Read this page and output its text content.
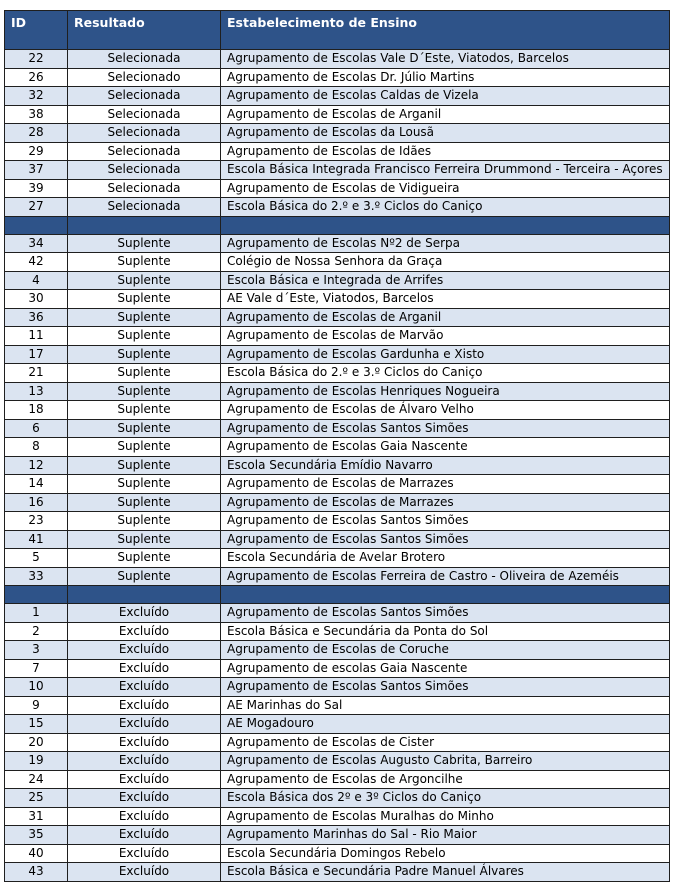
ID	Resultado	Estabelecimento de Ensino
22	Selecionada	Agrupamento de Escolas Vale D´Este, Viatodos, Barcelos
26	Selecionado	Agrupamento de Escolas Dr. Júlio Martins
32	Selecionada	Agrupamento de Escolas Caldas de Vizela
38	Selecionada	Agrupamento de Escolas de Arganil
28	Selecionada	Agrupamento de Escolas da Lousã
29	Selecionada	Agrupamento de Escolas de Idães
37	Selecionada	Escola Básica Integrada Francisco Ferreira Drummond - Terceira - Açores
39	Selecionada	Agrupamento de Escolas de Vidigueira
27	Selecionada	Escola Básica do 2.º e 3.º Ciclos do Caniço

34	Suplente	Agrupamento de Escolas Nº2 de Serpa
42	Suplente	Colégio de Nossa Senhora da Graça
4	Suplente	Escola Básica e Integrada de Arrifes
30	Suplente	AE Vale d´Este, Viatodos, Barcelos
36	Suplente	Agrupamento de Escolas de Arganil
11	Suplente	Agrupamento de Escolas de Marvão
17	Suplente	Agrupamento de Escolas Gardunha e Xisto
21	Suplente	Escola Básica do 2.º e 3.º Ciclos do Caniço
13	Suplente	Agrupamento de Escolas Henriques Nogueira
18	Suplente	Agrupamento de Escolas de Álvaro Velho
6	Suplente	Agrupamento de Escolas Santos Simões
8	Suplente	Agrupamento de Escolas Gaia Nascente
12	Suplente	Escola Secundária Emídio Navarro
14	Suplente	Agrupamento de Escolas de Marrazes
16	Suplente	Agrupamento de Escolas de Marrazes
23	Suplente	Agrupamento de Escolas Santos Simões
41	Suplente	Agrupamento de Escolas Santos Simões
5	Suplente	Escola Secundária de Avelar Brotero
33	Suplente	Agrupamento de Escolas Ferreira de Castro - Oliveira de Azeméis

1	Excluído	Agrupamento de Escolas Santos Simões
2	Excluído	Escola Básica e Secundária da Ponta do Sol
3	Excluído	Agrupamento de Escolas de Coruche
7	Excluído	Agrupamento de escolas Gaia Nascente
10	Excluído	Agrupamento de Escolas Santos Simões
9	Excluído	AE Marinhas do Sal
15	Excluído	AE Mogadouro
20	Excluído	Agrupamento de Escolas de Cister
19	Excluído	Agrupamento de Escolas Augusto Cabrita, Barreiro
24	Excluído	Agrupamento de Escolas de Argoncilhe
25	Excluído	Escola Básica dos 2º e 3º Ciclos do Caniço
31	Excluído	Agrupamento de Escolas Muralhas do Minho
35	Excluído	Agrupamento Marinhas do Sal - Rio Maior
40	Excluído	Escola Secundária Domingos Rebelo
43	Excluído	Escola Básica e Secundária Padre Manuel Álvares
